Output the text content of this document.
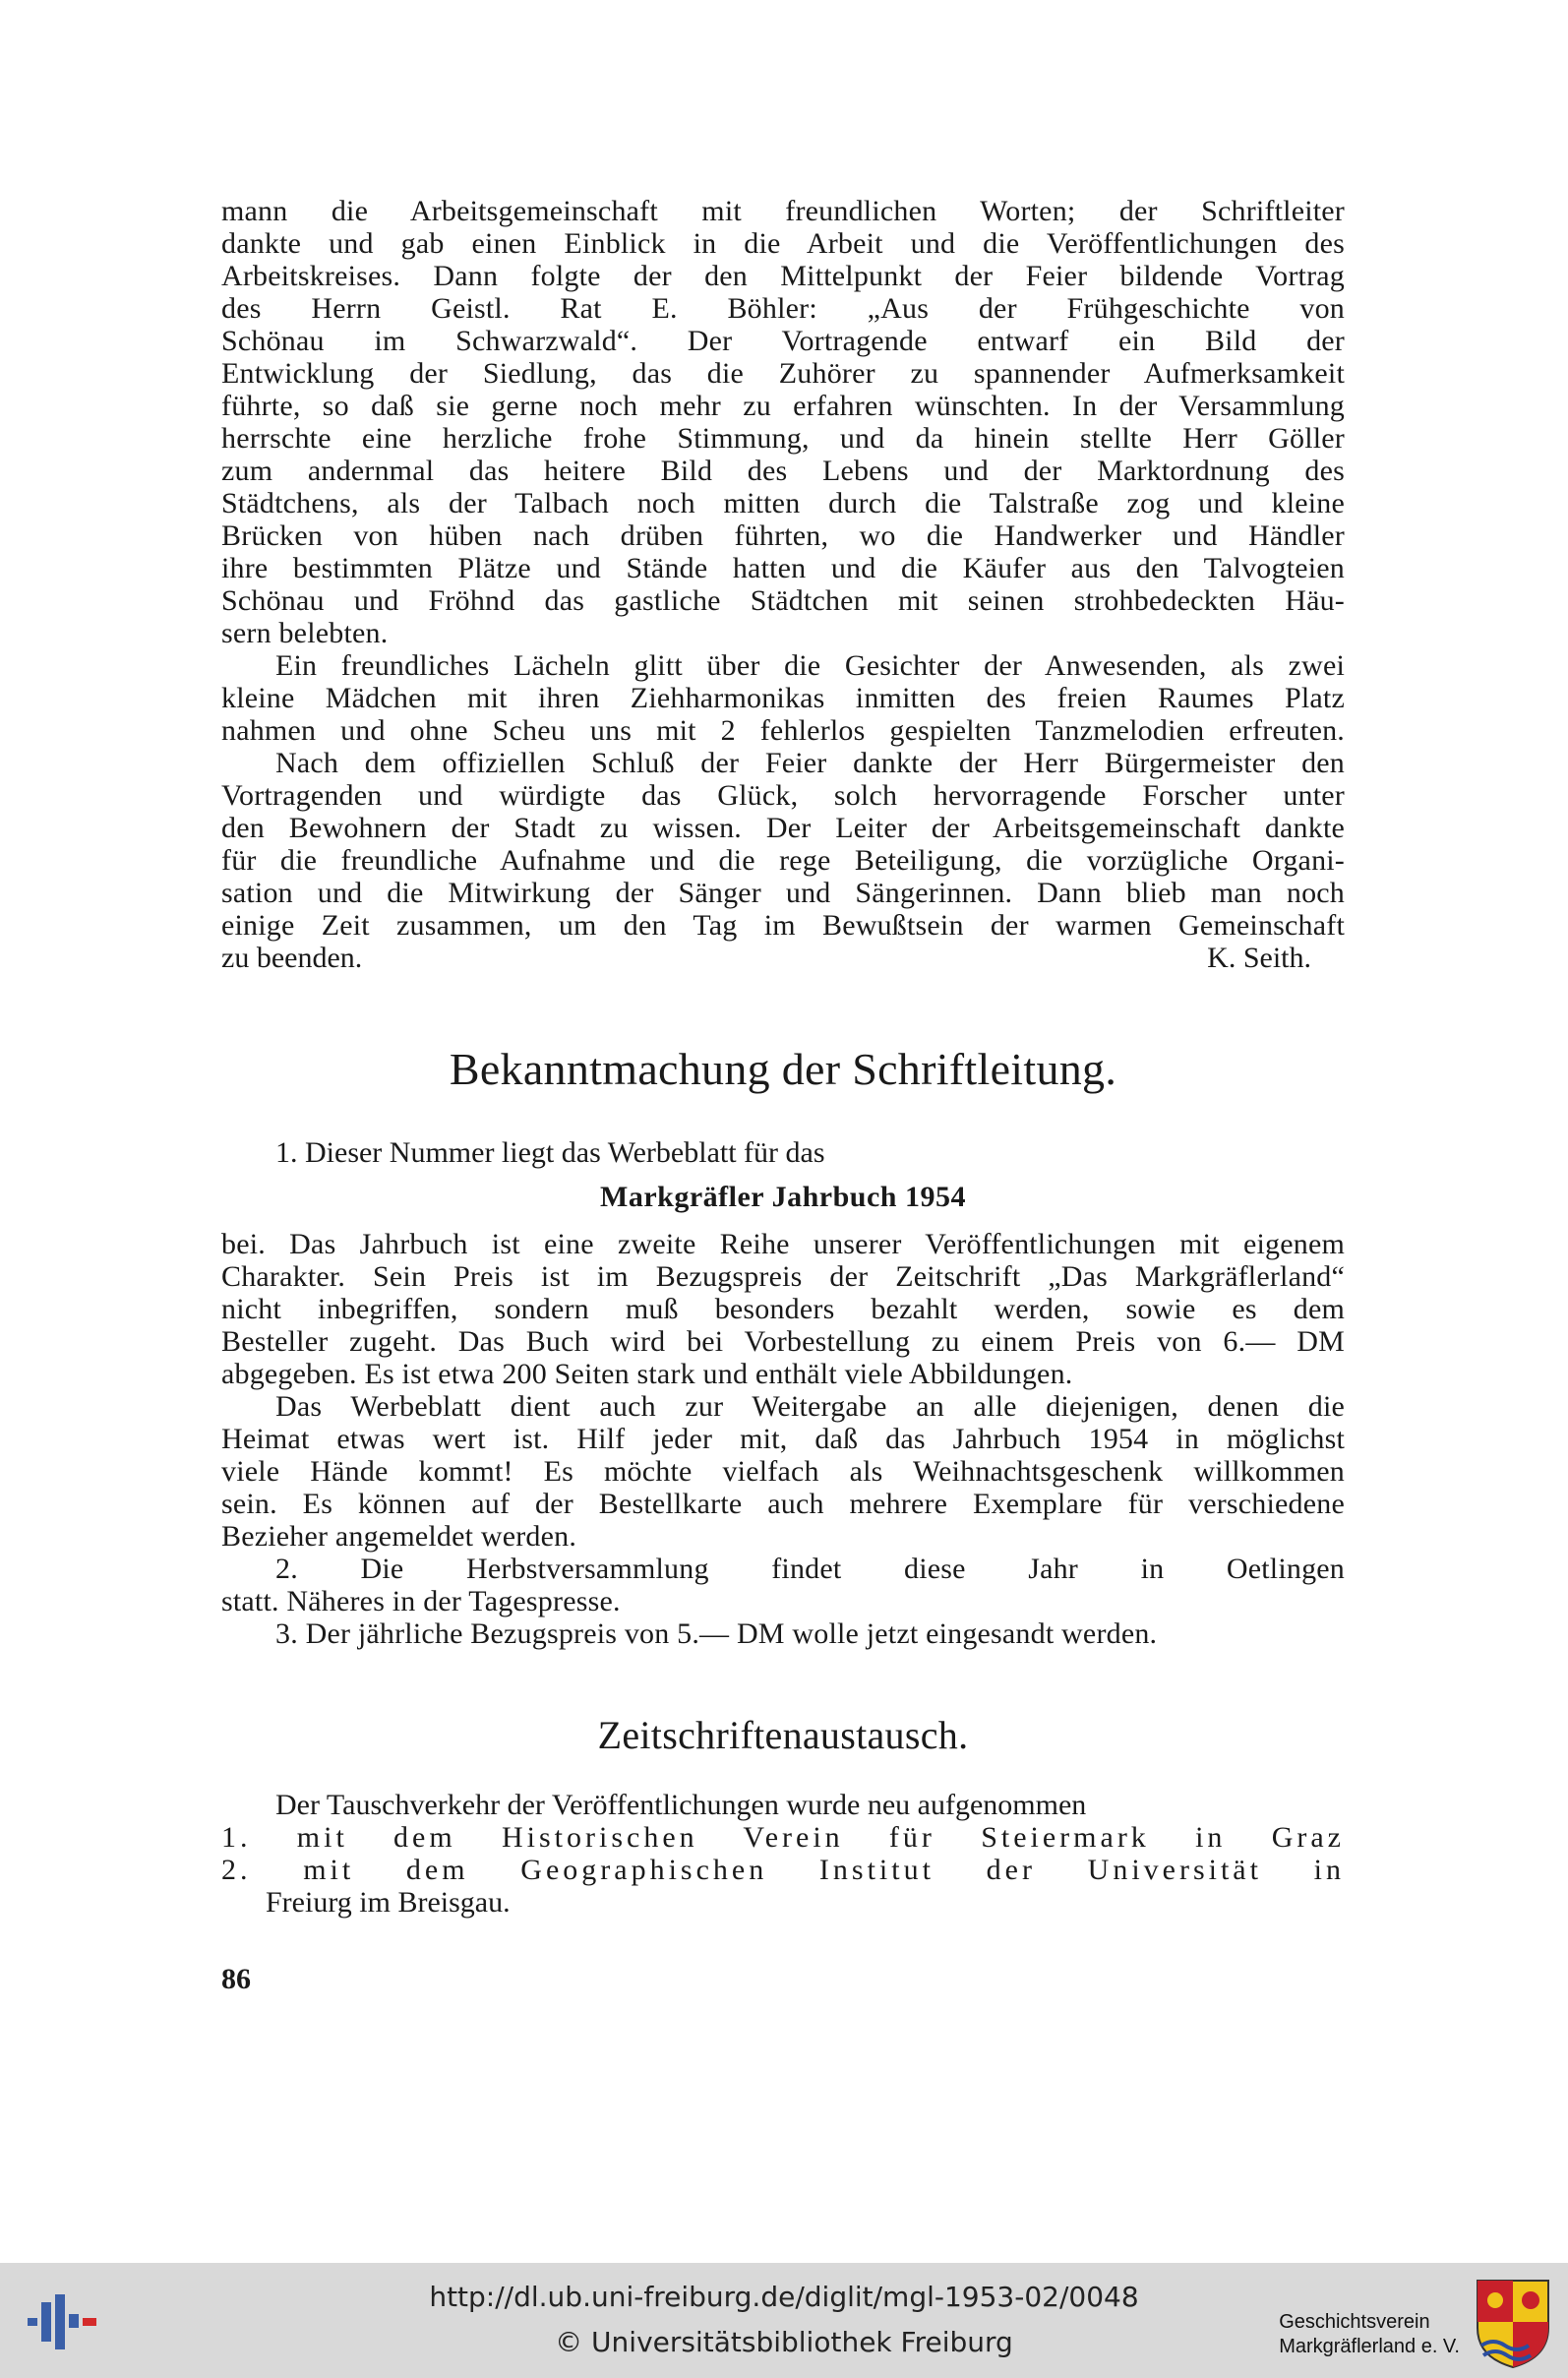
mann die Arbeitsgemeinschaft mit freundlichen Worten; der Schriftleiter
dankte und gab einen Einblick in die Arbeit und die Veröffentlichungen des
Arbeitskreises. Dann folgte der den Mittelpunkt der Feier bildende Vortrag
des Herrn Geistl. Rat E. Böhler: „Aus der Frühgeschichte von
Schönau im Schwarzwald“. Der Vortragende entwarf ein Bild der
Entwicklung der Siedlung, das die Zuhörer zu spannender Aufmerksamkeit
führte, so daß sie gerne noch mehr zu erfahren wünschten. In der Versammlung
herrschte eine herzliche frohe Stimmung, und da hinein stellte Herr Göller
zum andernmal das heitere Bild des Lebens und der Marktordnung des
Städtchens, als der Talbach noch mitten durch die Talstraße zog und kleine
Brücken von hüben nach drüben führten, wo die Handwerker und Händler
ihre bestimmten Plätze und Stände hatten und die Käufer aus den Talvogteien
Schönau und Fröhnd das gastliche Städtchen mit seinen strohbedeckten Häu-
sern belebten.
Ein freundliches Lächeln glitt über die Gesichter der Anwesenden, als zwei
kleine Mädchen mit ihren Ziehharmonikas inmitten des freien Raumes Platz
nahmen und ohne Scheu uns mit 2 fehlerlos gespielten Tanzmelodien erfreuten.
Nach dem offiziellen Schluß der Feier dankte der Herr Bürgermeister den
Vortragenden und würdigte das Glück, solch hervorragende Forscher unter
den Bewohnern der Stadt zu wissen. Der Leiter der Arbeitsgemeinschaft dankte
für die freundliche Aufnahme und die rege Beteiligung, die vorzügliche Organi-
sation und die Mitwirkung der Sänger und Sängerinnen. Dann blieb man noch
einige Zeit zusammen, um den Tag im Bewußtsein der warmen Gemeinschaft
zu beenden.	K. Seith.
Bekanntmachung der Schriftleitung.
1. Dieser Nummer liegt das Werbeblatt für das
Markgräfler Jahrbuch 1954
bei. Das Jahrbuch ist eine zweite Reihe unserer Veröffentlichungen mit eigenem
Charakter. Sein Preis ist im Bezugspreis der Zeitschrift „Das Markgräflerland“
nicht inbegriffen, sondern muß besonders bezahlt werden, sowie es dem
Besteller zugeht. Das Buch wird bei Vorbestellung zu einem Preis von 6.— DM
abgegeben. Es ist etwa 200 Seiten stark und enthält viele Abbildungen.
Das Werbeblatt dient auch zur Weitergabe an alle diejenigen, denen die
Heimat etwas wert ist. Hilf jeder mit, daß das Jahrbuch 1954 in möglichst
viele Hände kommt! Es möchte vielfach als Weihnachtsgeschenk willkommen
sein. Es können auf der Bestellkarte auch mehrere Exemplare für verschiedene
Bezieher angemeldet werden.
2. Die Herbstversammlung findet diese Jahr in Oetlingen
statt. Näheres in der Tagespresse.
3. Der jährliche Bezugspreis von 5.— DM wolle jetzt eingesandt werden.
Zeitschriftenaustausch.
Der Tauschverkehr der Veröffentlichungen wurde neu aufgenommen
1. mit dem Historischen Verein für Steiermark in Graz
2. mit dem Geographischen Institut der Universität in
Freiurg im Breisgau.
86
http://dl.ub.uni-freiburg.de/diglit/mgl-1953-02/0048
© Universitätsbibliothek Freiburg
Geschichtsverein
Markgräflerland e. V.
